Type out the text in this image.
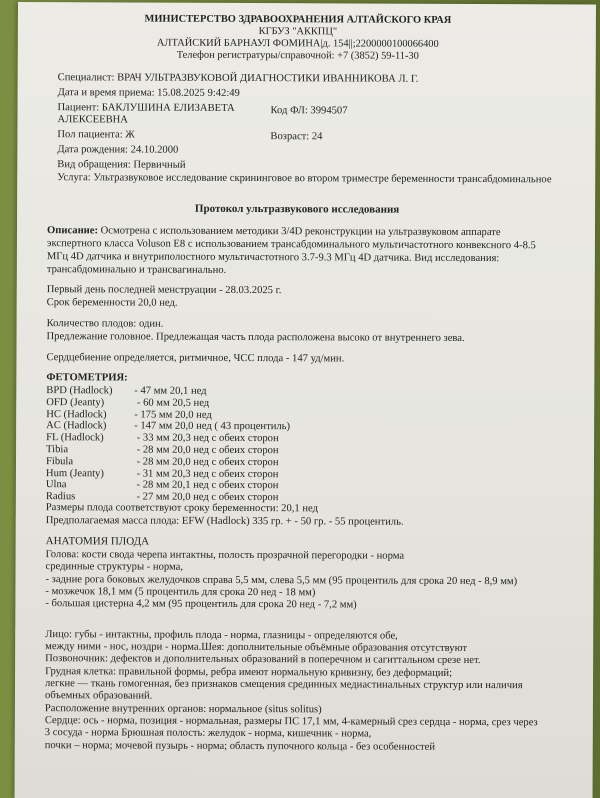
МИНИСТЕРСТВО ЗДРАВООХРАНЕНИЯ АЛТАЙСКОГО КРАЯ
КГБУЗ "АККПЦ"
АЛТАЙСКИЙ БАРНАУЛ ФОМИНА|д. 154||;2200000100066400
Телефон регистратуры/справочной: +7 (3852) 59-11-30
Специалист: ВРАЧ УЛЬТРАЗВУКОВОЙ ДИАГНОСТИКИ ИВАННИКОВА Л. Г.
Дата и время приема: 15.08.2025 9:42:49
Пациент: БАКЛУШИНА ЕЛИЗАВЕТА
АЛЕКСЕЕВНА
Код ФЛ: 3994507
Пол пациента: Ж	Возраст: 24
Дата рождения: 24.10.2000
Вид обращения: Первичный
Услуга: Ультразвуковое исследование скрининговое во втором триместре беременности трансабдоминальное
Протокол ультразвукового исследования
Описание: Осмотрена с использованием методики 3/4D реконструкции на ультразвуковом аппарате
экспертного класса Voluson E8 с использованием трансабдоминального мультичастотного конвексного 4-8.5
МГц 4D датчика и внутриполостного мультичастотного 3.7-9.3 МГц 4D датчика. Вид исследования:
трансабдоминально и трансвагинально.
Первый день последней менструации - 28.03.2025 г.
Срок беременности 20,0 нед.
Количество плодов: один.
Предлежание головное. Предлежащая часть плода расположена высоко от внутреннего зева.
Сердцебиение определяется, ритмичное, ЧСС плода - 147 уд/мин.
ФЕТОМЕТРИЯ:
BPD (Hadlock) - 47 мм 20,1 нед
OFD (Jeanty)	- 60 мм 20,5 нед
HC (Hadlock)	- 175 мм 20,0 нед
AC (Hadlock)	- 147 мм 20,0 нед ( 43 процентиль)
FL (Hadlock)	- 33 мм 20,3 нед с обеих сторон
Tibia	- 28 мм 20,0 нед с обеих сторон
Fibula	- 28 мм 20,0 нед с обеих сторон
Hum (Jeanty)	- 31 мм 20,3 нед с обеих сторон
Ulna	- 28 мм 20,1 нед с обеих сторон
Radius	- 27 мм 20,0 нед с обеих сторон
Размеры плода соответствуют сроку беременности: 20,1 нед
Предполагаемая масса плода: EFW (Hadlock) 335 гр. + - 50 гр. - 55 процентиль.
АНАТОМИЯ ПЛОДА
Голова: кости свода черепа интактны, полость прозрачной перегородки - норма
срединные структуры - норма,
- задние рога боковых желудочков справа 5,5 мм, слева 5,5 мм (95 процентиль для срока 20 нед - 8,9 мм)
- мозжечок 18,1 мм (5 процентиль для срока 20 нед - 18 мм)
- большая цистерна 4,2 мм (95 процентиль для срока 20 нед - 7,2 мм)
Лицо: губы - интактны, профиль плода - норма, глазницы - определяются обе,
между ними - нос, ноздри - норма.Шея: дополнительные объёмные образования отсутствуют
Позвоночник: дефектов и дополнительных образований в поперечном и сагиттальном срезе нет.
Грудная клетка: правильной формы, ребра имеют нормальную кривизну, без деформаций;
легкие — ткань гомогенная, без признаков смещения срединных медиастинальных структур или наличия
объемных образований.
Расположение внутренних органов: нормальное (situs solitus)
Сердце: ось - норма, позиция - нормальная, размеры ПС 17,1 мм, 4-камерный срез сердца - норма, срез через
3 сосуда - норма Брюшная полость: желудок - норма, кишечник - норма,
почки – норма; мочевой пузырь - норма; область пупочного кольца - без особенностей
